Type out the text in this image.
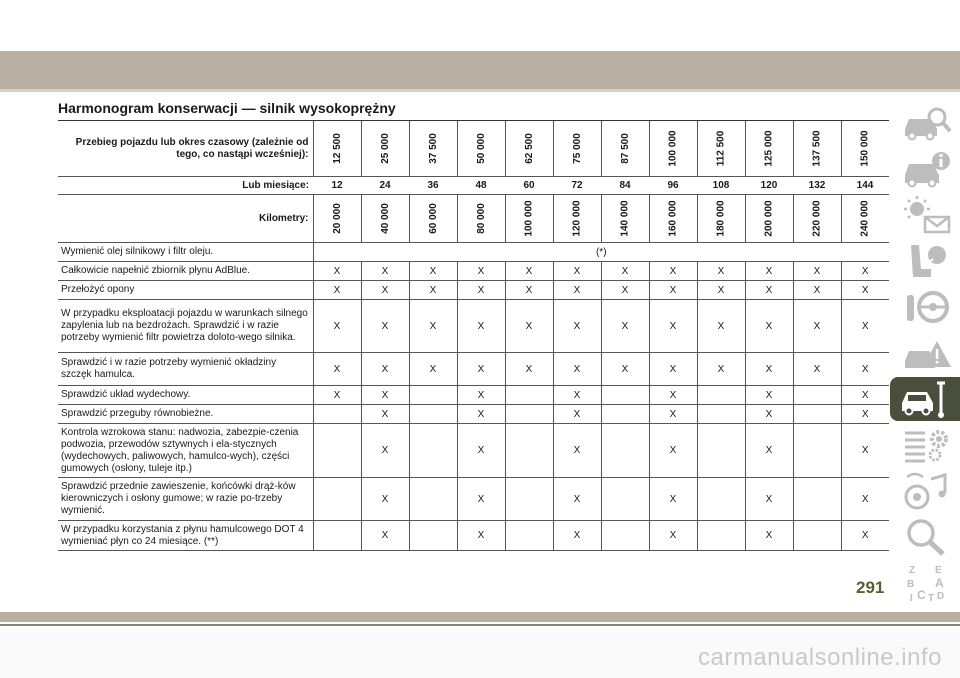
Harmonogram konserwacji — silnik wysokoprężny
Przebieg pojazdu lub okres czasowy (zależnie od tego, co nastąpi wcześniej):	12 500	25 000	37 500	50 000	62 500	75 000	87 500	100 000	112 500	125 000	137 500	150 000
Lub miesiące:	12	24	36	48	60	72	84	96	108	120	132	144
Kilometry:	20 000	40 000	60 000	80 000	100 000	120 000	140 000	160 000	180 000	200 000	220 000	240 000
Wymienić olej silnikowy i filtr oleju.	(*)											
Całkowicie napełnić zbiornik płynu AdBlue.	X	X	X	X	X	X	X	X	X	X	X	X
Przełożyć opony	X	X	X	X	X	X	X	X	X	X	X	X
W przypadku eksploatacji pojazdu w warunkach silnego zapylenia lub na bezdrożach. Sprawdzić i w razie potrzeby wymienić filtr powietrza doloto-wego silnika.	X	X	X	X	X	X	X	X	X	X	X	X
Sprawdzić i w razie potrzeby wymienić okładziny szczęk hamulca.	X	X	X	X	X	X	X	X	X	X	X	X
Sprawdzić układ wydechowy.	X	X		X		X		X		X		X
Sprawdzić przeguby równobieżne.		X		X		X		X		X		X
Kontrola wzrokowa stanu: nadwozia, zabezpie-czenia podwozia, przewodów sztywnych i ela-stycznych (wydechowych, paliwowych, hamulco-wych), części gumowych (osłony, tuleje itp.)		X		X		X		X		X		X
Sprawdzić przednie zawieszenie, końcówki drąż-ków kierowniczych i osłony gumowe; w razie po-trzeby wymienić.		X		X		X		X		X		X
W przypadku korzystania z płynu hamulcowego DOT 4 wymieniać płyn co 24 miesiące. (**)		X		X		X		X		X		X
Z E
B A
I C T D
291
carmanualsonline.info
